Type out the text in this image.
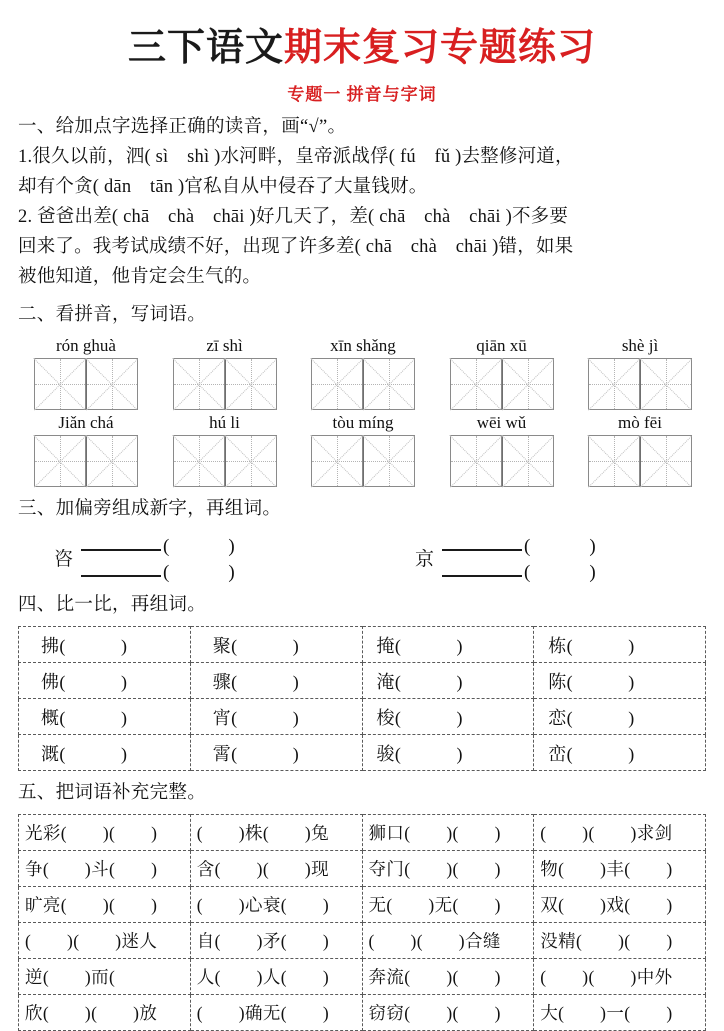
三下语文期末复习专题练习
专题一 拼音与字词
一、给加点字选择正确的读音，画“√”。
1.很久以前，泗( sì　shì )水河畔，皇帝派战俘( fú　fǔ )去整修河道，
却有个贪( dān　tān )官私自从中侵吞了大量钱财。
2. 爸爸出差( chā　chà　chāi )好几天了，差( chā　chà　chāi )不多要
回来了。我考试成绩不好，出现了许多差( chā　chà　chāi )错，如果
被他知道，他肯定会生气的。
二、看拼音，写词语。
rón ghuà	zī shì	xīn shǎng	qiān xū	shè jì
Jiǎn chá	hú li	tòu míng	wēi wǔ	mò fēi
三、加偏旁组成新字，再组词。
咨
(　　　)
(　　　)
京
(　　　)
(　　　)
四、比一比，再组词。
拂(　　　)	聚(　　　)	掩(　　　)	栋(　　　)
佛(　　　)	骤(　　　)	淹(　　　)	陈(　　　)
概(　　　)	宵(　　　)	梭(　　　)	恋(　　　)
溉(　　　)	霄(　　　)	骏(　　　)	峦(　　　)
五、把词语补充完整。
光彩(　　)(　　)	(　　)株(　　)兔	狮口(　　)(　　)	(　　)(　　)求剑
争(　　)斗(　　)	含(　　)(　　)现	夺门(　　)(　　)	物(　　)丰(　　)
旷亮(　　)(　　)	(　　)心衰(　　)	无(　　)无(　　)	双(　　)戏(　　)
(　　)(　　)迷人	自(　　)矛(　　)	(　　)(　　)合缝	没精(　　)(　　)
逆(　　)而(　	人(　　)人(　　)	奔流(　　)(　　)	(　　)(　　)中外
欣(　　)(　　)放	(　　)确无(　　)	窃窃(　　)(　　)	大(　　)一(　　)
